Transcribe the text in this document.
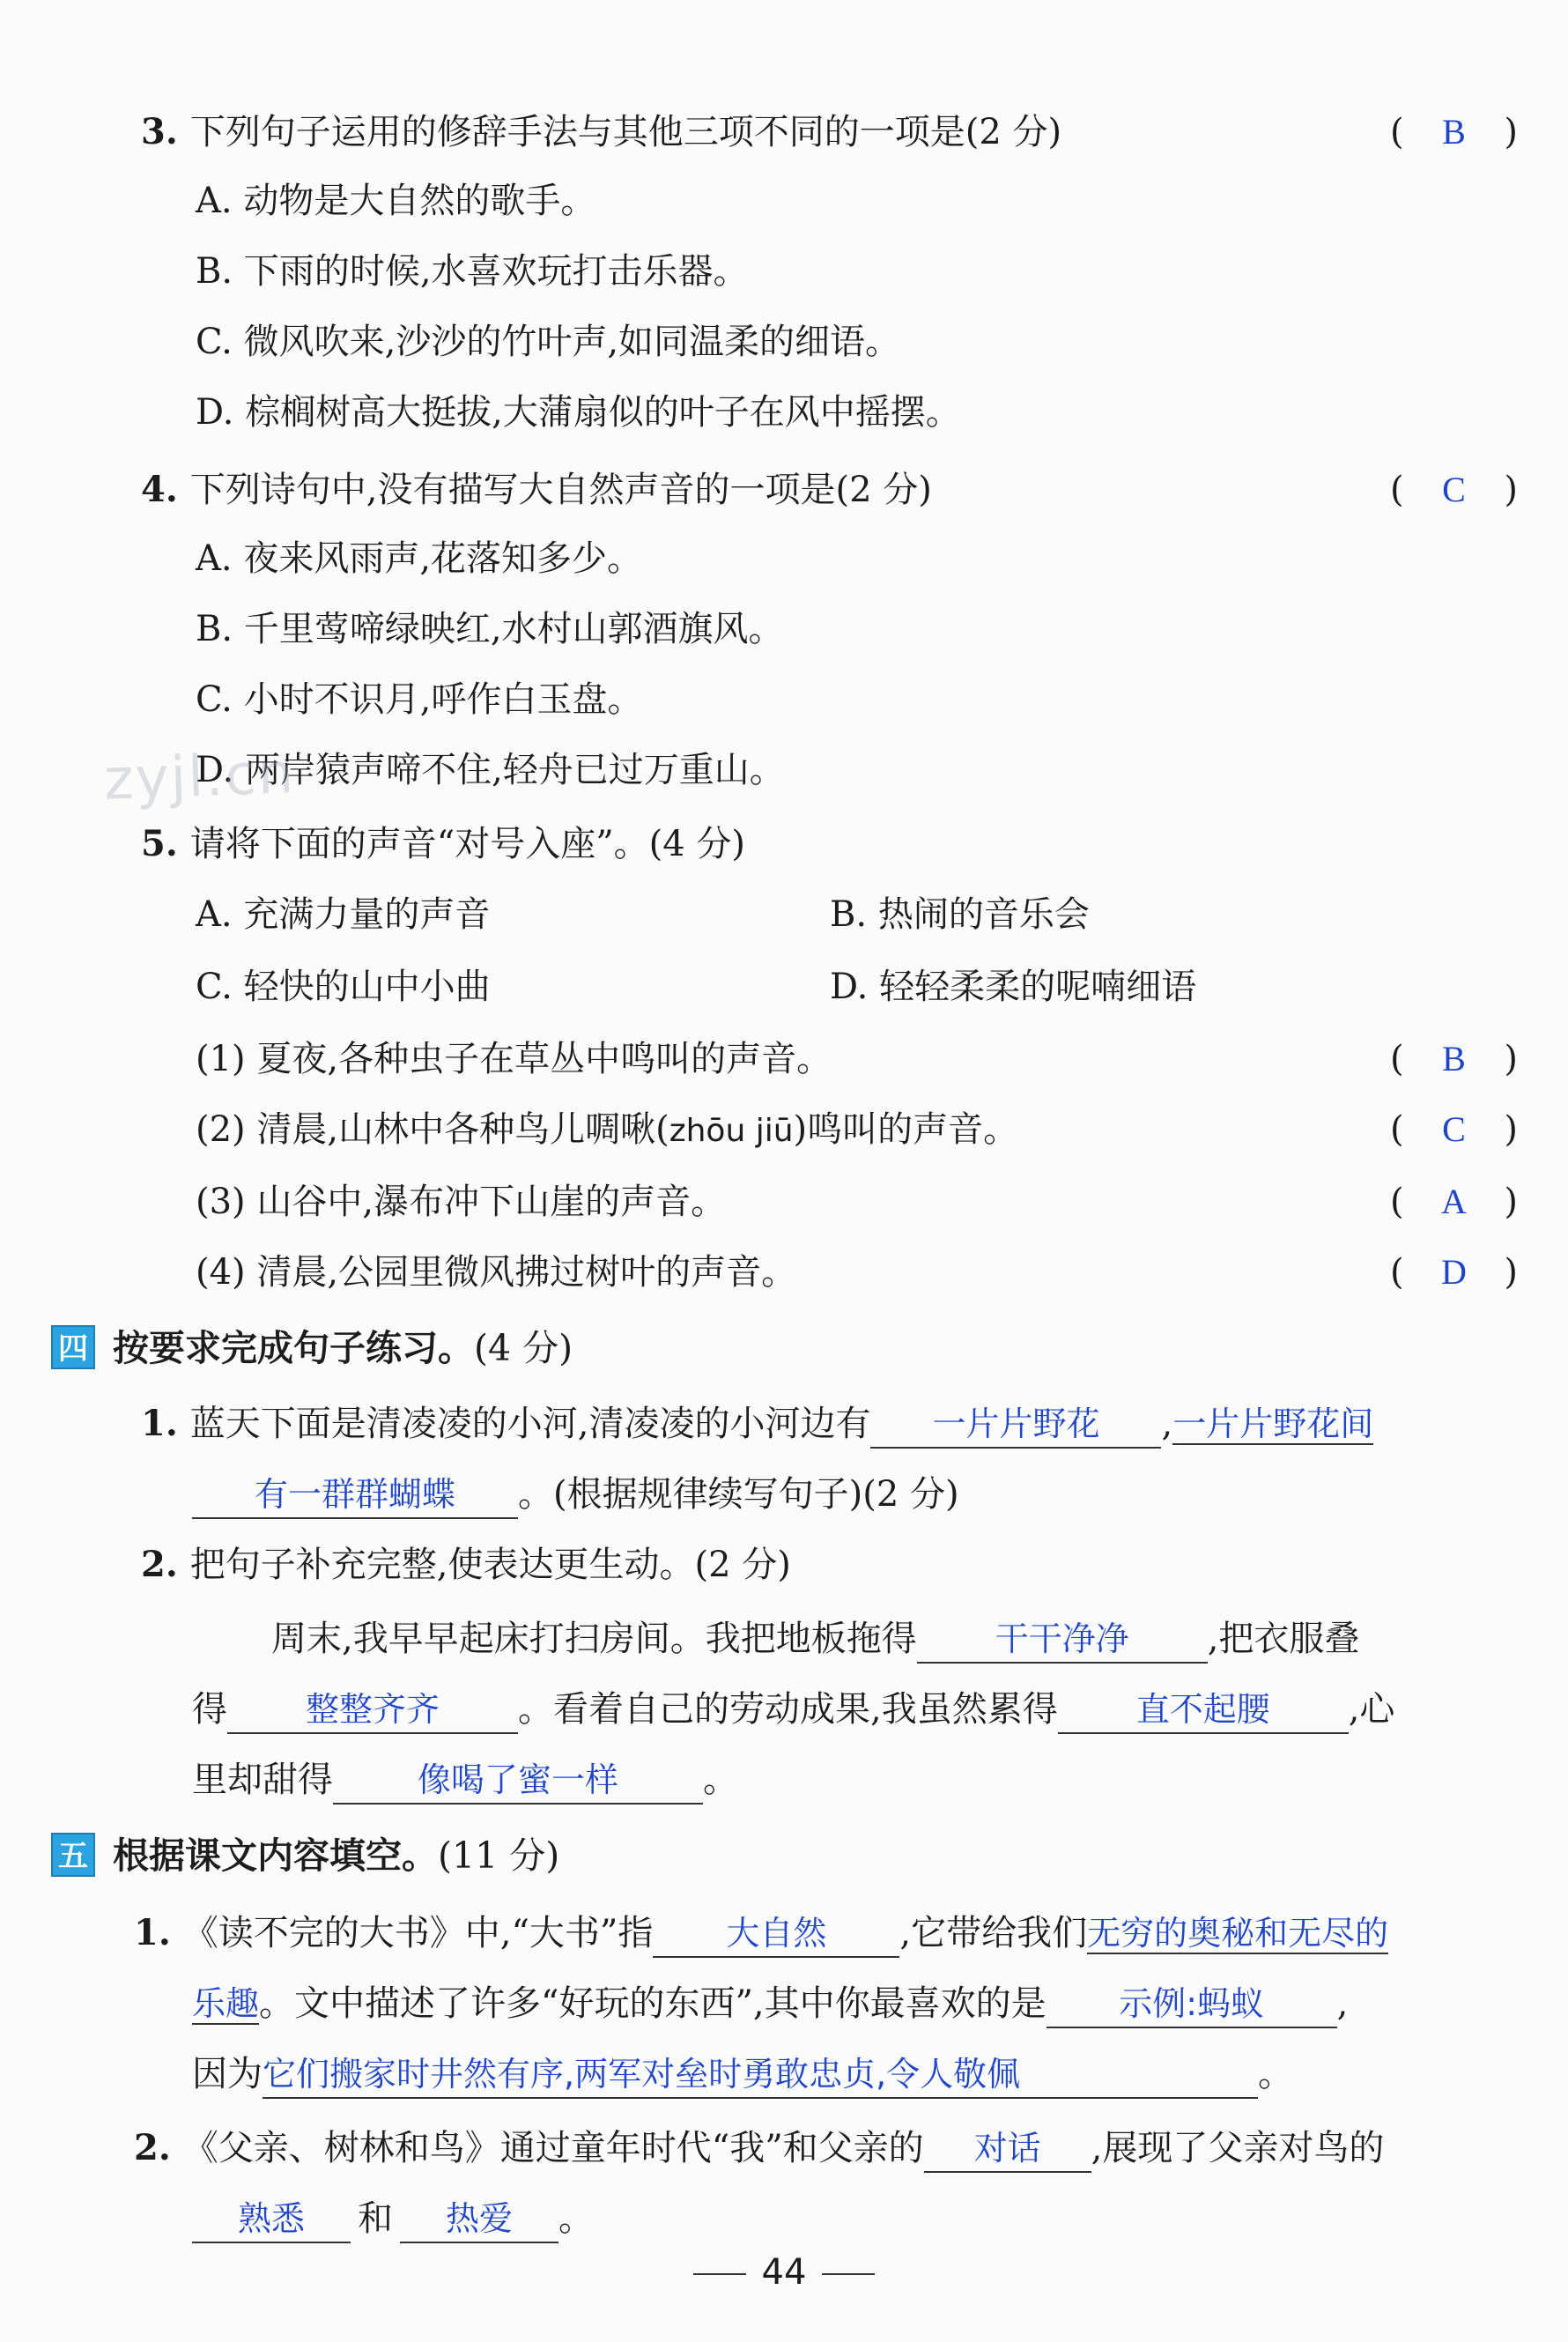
3. 下列句子运用的修辞手法与其他三项不同的一项是(2 分)	(	B	)
A. 动物是大自然的歌手。
B. 下雨的时候,水喜欢玩打击乐器。
C. 微风吹来,沙沙的竹叶声,如同温柔的细语。
D. 棕榈树高大挺拔,大蒲扇似的叶子在风中摇摆。
4. 下列诗句中,没有描写大自然声音的一项是(2 分)	(	C	)
A. 夜来风雨声,花落知多少。
B. 千里莺啼绿映红,水村山郭酒旗风。
C. 小时不识月,呼作白玉盘。
D. 两岸猿声啼不住,轻舟已过万重山。
zyjl.cn
5. 请将下面的声音“对号入座”。(4 分)
A. 充满力量的声音	B. 热闹的音乐会
C. 轻快的山中小曲	D. 轻轻柔柔的呢喃细语
(1) 夏夜,各种虫子在草丛中鸣叫的声音。	(	B	)
(2) 清晨,山林中各种鸟儿啁啾(zhōu jiū)鸣叫的声音。	(	C	)
(3) 山谷中,瀑布冲下山崖的声音。	(	A	)
(4) 清晨,公园里微风拂过树叶的声音。	(	D	)
四 按要求完成句子练习。(4 分)
1. 蓝天下面是清凌凌的小河,清凌凌的小河边有 一片片野花 ,一片片野花间
有一群群蝴蝶 。(根据规律续写句子)(2 分)
2. 把句子补充完整,使表达更生动。(2 分)
周末,我早早起床打扫房间。我把地板拖得 干干净净 ,把衣服叠
得 整整齐齐 。看着自己的劳动成果,我虽然累得 直不起腰 ,心
里却甜得	像喝了蜜一样 。
五 根据课文内容填空。(11 分)
1. 《读不完的大书》中,“大书”指 大自然 ,它带给我们无穷的奥秘和无尽的
乐趣。文中描述了许多“好玩的东西”,其中你最喜欢的是 示例:蚂蚁 ,
因为它们搬家时井然有序,两军对垒时勇敢忠贞,令人敬佩	。
2. 《父亲、树林和鸟》通过童年时代“我”和父亲的 对话 ,展现了父亲对鸟的
熟悉 和 热爱 。
44
